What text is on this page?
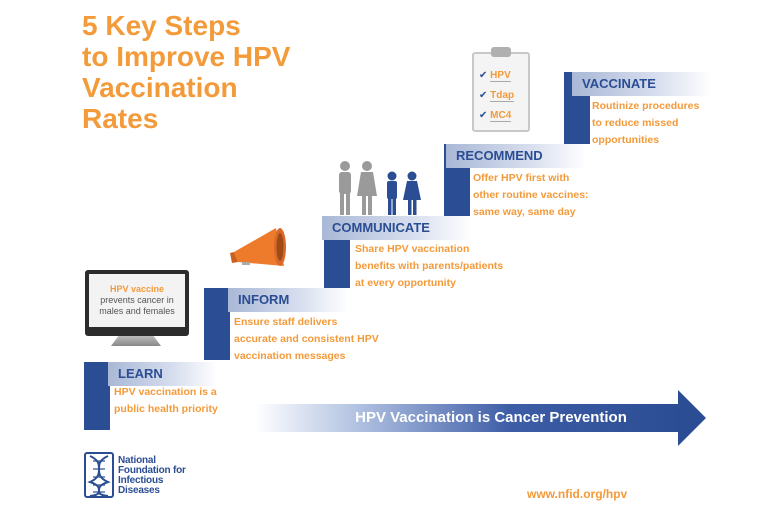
5 Key Steps
to Improve HPV
Vaccination
Rates
LEARN
HPV vaccination is a
public health priority
INFORM
Ensure staff delivers
accurate and consistent HPV
vaccination messages
COMMUNICATE
Share HPV vaccination
benefits with parents/patients
at every opportunity
RECOMMEND
Offer HPV first with
other routine vaccines:
same way, same day
VACCINATE
Routinize procedures
to reduce missed
opportunities
HPV vaccine
prevents cancer in
males and females
✔ HPV
✔ Tdap
✔ MC4
HPV Vaccination is Cancer Prevention
National
Foundation for
Infectious
Diseases	www.nfid.org/hpv
